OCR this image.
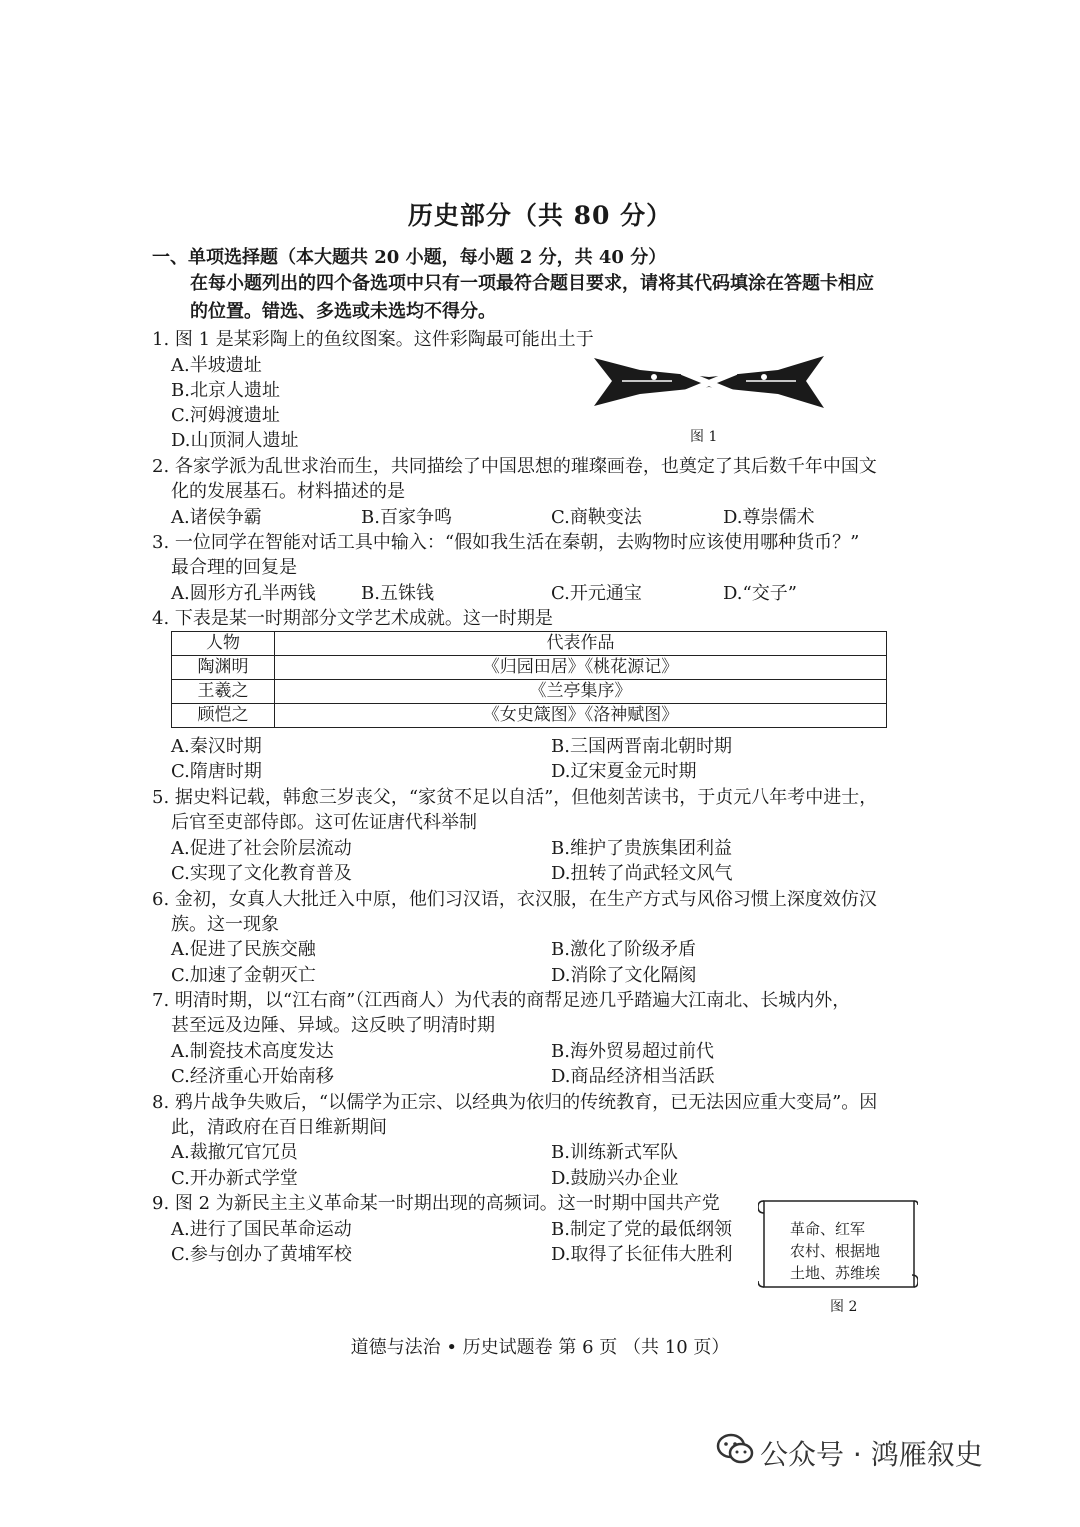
历史部分（共 80 分）
一、单项选择题（本大题共 20 小题，每小题 2 分，共 40 分）
在每小题列出的四个备选项中只有一项最符合题目要求，请将其代码填涂在答题卡相应
的位置。错选、多选或未选均不得分。
1. 图 1 是某彩陶上的鱼纹图案。这件彩陶最可能出土于
A.半坡遗址
B.北京人遗址
C.河姆渡遗址
D.山顶洞人遗址	图 1
2. 各家学派为乱世求治而生，共同描绘了中国思想的璀璨画卷，也奠定了其后数千年中国文
化的发展基石。材料描述的是
A.诸侯争霸	B.百家争鸣	C.商鞅变法	D.尊崇儒术
3. 一位同学在智能对话工具中输入：“假如我生活在秦朝，去购物时应该使用哪种货币？”
最合理的回复是
A.圆形方孔半两钱	B.五铢钱	C.开元通宝	D.“交子”
4. 下表是某一时期部分文学艺术成就。这一时期是
人物	代表作品
陶渊明	《归园田居》《桃花源记》
王羲之	《兰亭集序》
顾恺之	《女史箴图》《洛神赋图》
A.秦汉时期	B.三国两晋南北朝时期
C.隋唐时期	D.辽宋夏金元时期
5. 据史料记载，韩愈三岁丧父，“家贫不足以自活”，但他刻苦读书，于贞元八年考中进士，
后官至吏部侍郎。这可佐证唐代科举制
A.促进了社会阶层流动	B.维护了贵族集团利益
C.实现了文化教育普及	D.扭转了尚武轻文风气
6. 金初，女真人大批迁入中原，他们习汉语，衣汉服，在生产方式与风俗习惯上深度效仿汉
族。这一现象
A.促进了民族交融	B.激化了阶级矛盾
C.加速了金朝灭亡	D.消除了文化隔阂
7. 明清时期，以“江右商”（江西商人）为代表的商帮足迹几乎踏遍大江南北、长城内外，
甚至远及边陲、异域。这反映了明清时期
A.制瓷技术高度发达	B.海外贸易超过前代
C.经济重心开始南移	D.商品经济相当活跃
8. 鸦片战争失败后，“以儒学为正宗、以经典为依归的传统教育，已无法因应重大变局”。因
此，清政府在百日维新期间
A.裁撤冗官冗员	B.训练新式军队
C.开办新式学堂	D.鼓励兴办企业
9. 图 2 为新民主主义革命某一时期出现的高频词。这一时期中国共产党
A.进行了国民革命运动	B.制定了党的最低纲领
C.参与创办了黄埔军校	D.取得了长征伟大胜利
革命、红军
农村、根据地
土地、苏维埃
图 2
道德与法治 • 历史试题卷 第 6 页 （共 10 页）
公众号 · 鸿雁叙史
